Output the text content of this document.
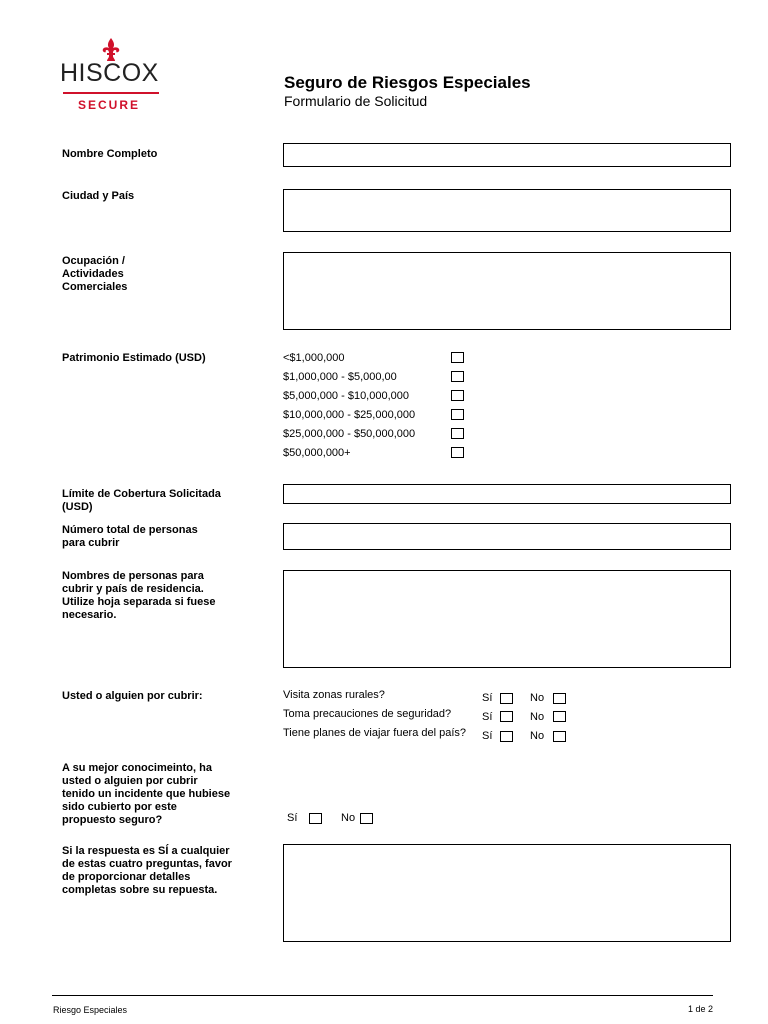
HISCOX
SECURE
Seguro de Riesgos Especiales
Formulario de Solicitud
Nombre Completo
Ciudad y País
Ocupación /
Actividades
Comerciales
Patrimonio Estimado (USD)	<$1,000,000
$1,000,000 - $5,000,00
$5,000,000 - $10,000,000
$10,000,000 - $25,000,000
$25,000,000 - $50,000,000
$50,000,000+
Límite de Cobertura Solicitada
(USD)
Número total de personas
para cubrir
Nombres de personas para
cubrir y país de residencia.
Utilize hoja separada si fuese
necesario.
Usted o alguien por cubrir:	Visita zonas rurales?	Sí	No
Toma precauciones de seguridad?	Sí	No
Tiene planes de viajar fuera del país? Sí	No
A su mejor conocimeinto, ha
usted o alguien por cubrir
tenido un incidente que hubiese
sido cubierto por este
propuesto seguro?	Sí	No
Si la respuesta es SÍ a cualquier
de estas cuatro preguntas, favor
de proporcionar detalles
completas sobre su repuesta.
Riesgo Especiales	1 de 2
